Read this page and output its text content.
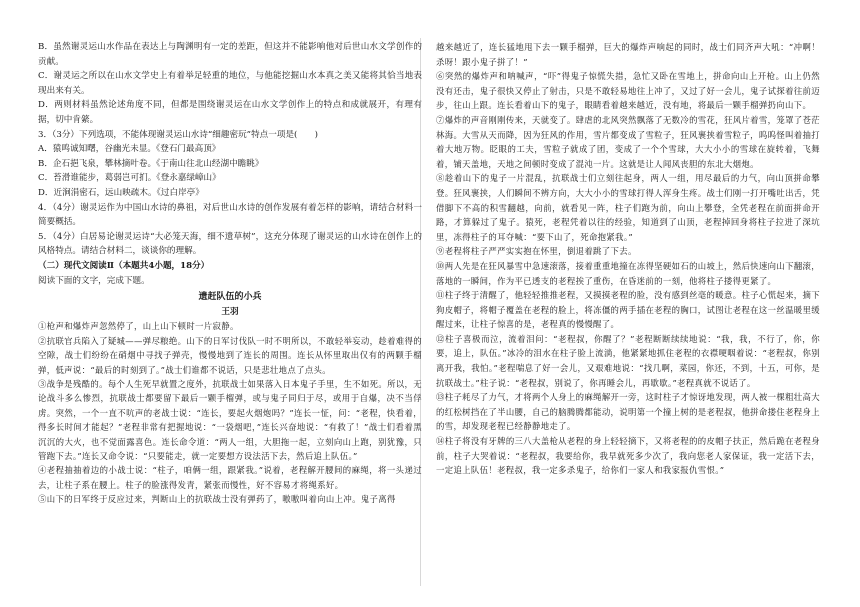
B．虽然谢灵运山水作品在表达上与陶渊明有一定的差距，但这并不能影响他对后世山水文学创作的贡献。

C．谢灵运之所以在山水文学史上有着举足轻重的地位，与他能挖掘山水本真之美又能将其恰当地表现出来有关。

D．两则材料虽然论述角度不同，但都是围绕谢灵运在山水文学创作上的特点和成就展开，有理有据，切中肯綮。

3．（3分）下列选项，不能体现谢灵运山水诗“细趣密玩”特点一项是(　　)

A．猿鸣诚知曙，谷幽光未显。《登石门最高顶》

B．企石挹飞泉，攀林摘叶卷。《于南山往北山经湖中瞻眺》

C．苔滑谁能步，葛弱岂可扪。《登永嘉绿嶂山》

D．近涧涓密石，远山映疏木。《过白岸亭》

4．（4分）谢灵运作为中国山水诗的鼻祖，对后世山水诗的创作发展有着怎样的影响，请结合材料一简要概括。

5．（4分）白居易论谢灵运诗“大必笼天海，细不遗草树”，这充分体现了谢灵运的山水诗在创作上的风格特点。请结合材料二，谈谈你的理解。

（二）现代文阅读Ⅱ（本题共4小题，18分）

阅读下面的文字，完成下题。

遗赶队伍的小兵

王羽

①枪声和爆炸声忽然停了，山上山下顿时一片寂静。

②抗联官兵陷入了疑城——弹尽粮绝。山下的日军讨伐队一时不明所以，不敢轻举妄动，趁着难得的空隙，战士们纷纷在硝烟中寻找子弹壳，慢慢地到了连长的周围。连长从怀里取出仅有的两颗手榴弹，低声说：“最后的时刻到了。”战士们谁都不说话，只是悲壮地点了点头。

③战争是残酷的。每个人生死早就置之度外，抗联战士如果落入日本鬼子手里，生不如死。所以，无论战斗多么惨烈，抗联战士都要留下最后一颗手榴弹，或与鬼子同归于尽，或用于自爆，决不当俘虏。突然，一个一直不吭声的老战士说：“连长，要起火烟炮吗？”连长一怔，问：“老程，快看着，得多长时间才能起？”老程非常有把握地说：“一袋烟吧，”连长兴奋地说：“有救了！”战士们看着黑沉沉的大火，也不觉面露喜色。连长命令道：“两人一组，大胆拖一起，立刻向山上跑，别犹豫，只管跑下去。”连长又命令说：“只要能走，就一定要想方设法活下去，然后追上队伍。”

④老程抽抽着边的小战士说：“柱子，咱俩一组，跟紧我。”说着，老程解开腰间的麻绳，将一头递过去，让柱子系在腰上。柱子的脸涨得发青，紧张而慢性，好不容易才将绳系好。

⑤山下的日军终于反应过来，判断山上的抗联战士没有弹药了，嗷嗷叫着向山上冲。鬼子离得

越来越近了，连长猛地甩下去一颗手榴弹，巨大的爆炸声响起的同时，战士们同齐声大吼：“冲啊！杀呀！跟小鬼子拼了！”

⑥突然的爆炸声和呐喊声，“吓”得鬼子惊慌失措，急忙又卧在雪地上，拼命向山上开枪。山上仍然没有还击，鬼子很快又停止了射击，只是不敢轻易地往上冲了，又过了好一会儿，鬼子试探着往前迈步，往山上跟。连长看着山下的鬼子，眼睛看着越来越近，没有地，将最后一颗手榴弹扔向山下。

⑦爆炸的声音刚刚传来，天就变了。肆虐的北风突然飘落了无数冷的雪花，狂风片着雪，笼罩了苍茫林海。大雪从天而降，因为狂风的作用，雪片都变成了雪粒子，狂风裹挟着雪粒子，呜呜怪叫着抽打着大地万物。眨眼的工夫，雪粒子就成了团，变成了一个个雪球，大大小小的雪球在旋转着，飞舞着，铺天盖地，天地之间顿时变成了混沌一片。这就是让人闻风丧胆的东北大烟炮。

⑧趁着山下的鬼子一片混乱，抗联战士们立刻往起身，两人一组，用尽最后的力气，向山顶拼命攀登。狂风裹挟，人们瞬间不辨方向，大大小小的雪球打得人浑身生疼。战士们刚一打开嘴吐出舌，凭借脚下不高的积雪翻越，向前，就看见一阵，柱子们跑为前，向山上攀登，全凭老程在前面拼命开路，才算躲过了鬼子。猿死，老程凭着以往的经验，知道到了山顶，老程掉回身将柱子拉进了深坑里，冻得柱子的耳夺喊：“要下山了，死命抱紧我。”

⑨老程将柱子严严实实抱在怀里，倒退着跳了下去。

⑩两人先是在狂风暴雪中急速滚落，接着重重地撞在冻得坚硬如石的山坡上，然后快速向山下翻滚，落地的一瞬间，作为平已透支的老程挨了重伤，在昏迷前的一刻，他将柱子搂得更紧了。

⑪柱子终于清醒了，他轻轻推推老程，又摸摸老程的脸，没有感到丝毫的暖意。柱子心慌起来，摘下狗皮帽子，将帽子覆盖在老程的脸上，将冻僵的两手插在老程的胸口，试图让老程在这一丝温暖里缓醒过来，让柱子惊喜的是，老程真的慢慢醒了。

⑫柱子喜极而泣，流着泪问：“老程叔，你醒了？”老程断断续续地说：“我，我，不行了，你，你要，追上，队伍。”冰冷的泪水在柱子脸上流淌，他紧紧地抓住老程的衣襟哽咽着说：“老程叔，你别离开我，我怕。”老程喘息了好一会儿，又艰难地说：“找几啊，菜园，你还，不到，十五，可你，是抗联战士。”柱子说：“老程叔，别说了，你再睡会儿，再歇歇。”老程真就不说话了。

⑬柱子耗尽了力气，才将两个人身上的麻绳解开一旁，这时柱子才惊讶地发现，两人被一棵粗壮高大的红松树挡在了半山腰，自己的脑腾腾都能动，说明第一个撞上树的是老程叔，他拼命搂住老程身上的雪，却发现老程已经静静地走了。

⑭柱子将没有牙牌的三八大盖枪从老程的身上轻轻摘下，又将老程的的皮帽子扶正，然后跪在老程身前，柱子大哭着说：“老程叔，我要给你，我早就死多少次了，我向您老人家保证，我一定活下去，一定追上队伍！老程叔，我一定多杀鬼子，给你们一家人和我家报仇雪恨。”
